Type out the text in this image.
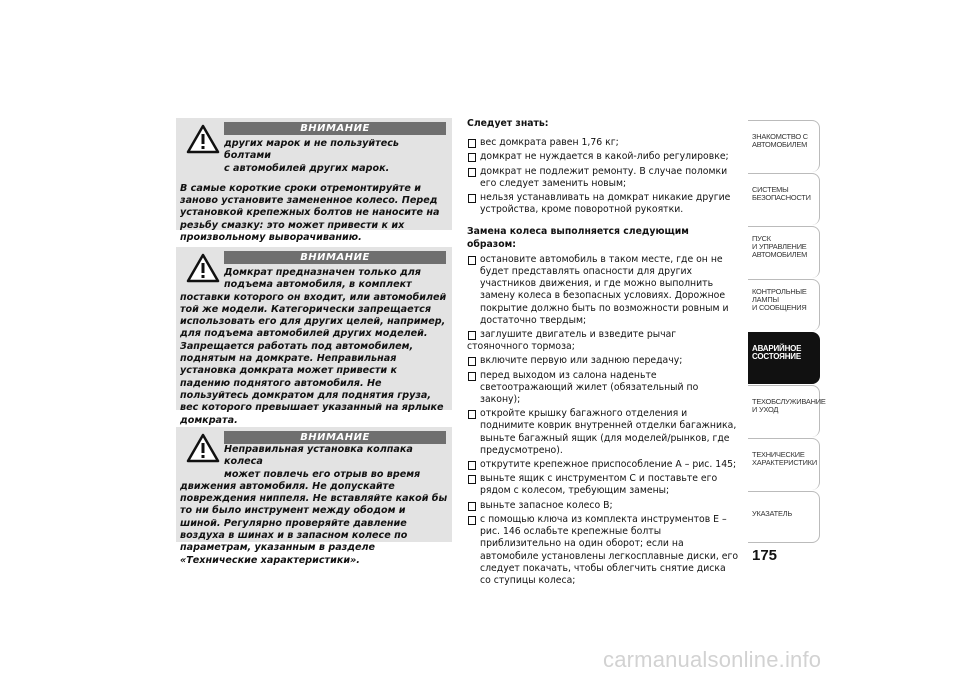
ВНИМАНИЕ
других марок и не пользуйтесь болтами
с автомобилей других марок.
В самые короткие сроки отремонтируйте и заново установите замененное колесо. Перед установкой крепежных болтов не наносите на резьбу смазку: это может привести к их произвольному выворачиванию.
ВНИМАНИЕ
Домкрат предназначен только для
подъема автомобиля, в комплект
поставки которого он входит, или автомобилей той же модели. Категорически запрещается использовать его для других целей, например, для подъема автомобилей других моделей. Запрещается работать под автомобилем, поднятым на домкрате. Неправильная установка домкрата может привести к падению поднятого автомобиля. Не пользуйтесь домкратом для поднятия груза, вес которого превышает указанный на ярлыке домкрата.
ВНИМАНИЕ
Неправильная установка колпака колеса
может повлечь его отрыв во время
движения автомобиля. Не допускайте повреждения ниппеля. Не вставляйте какой бы то ни было инструмент между ободом и шиной. Регулярно проверяйте давление воздуха в шинах и в запасном колесе по параметрам, указанным в разделе «Технические характеристики».
Следует знать:
вес домкрата равен 1,76 кг;
домкрат не нуждается в какой-либо регулировке;
домкрат не подлежит ремонту. В случае поломки его следует заменить новым;
нельзя устанавливать на домкрат никакие другие устройства, кроме поворотной рукоятки.
Замена колеса выполняется следующим образом:
остановите автомобиль в таком месте, где он не будет представлять опасности для других участников движения, и где можно выполнить замену колеса в безопасных условиях. Дорожное покрытие должно быть по возможности ровным и достаточно твердым;
заглушите двигатель и взведите рычаг стояночного тормоза;
включите первую или заднюю передачу;
перед выходом из салона наденьте светоотражающий жилет (обязательный по закону);
откройте крышку багажного отделения и поднимите коврик внутренней отделки багажника, выньте багажный ящик (для моделей/рынков, где предусмотрено).
открутите крепежное приспособление A – рис. 145;
выньте ящик с инструментом C и поставьте его рядом с колесом, требующим замены;
выньте запасное колесо B;
с помощью ключа из комплекта инструментов E – рис. 146 ослабьте крепежные болты приблизительно на один оборот; если на автомобиле установлены легкосплавные диски, его следует покачать, чтобы облегчить снятие диска со ступицы колеса;
ЗНАКОМСТВО С
АВТОМОБИЛЕМ
СИСТЕМЫ
БЕЗОПАСНОСТИ
ПУСК
И УПРАВЛЕНИЕ
АВТОМОБИЛЕМ
КОНТРОЛЬНЫЕ
ЛАМПЫ
И СООБЩЕНИЯ
АВАРИЙНОЕ
СОСТОЯНИЕ
ТЕХОБСЛУЖИВАНИЕ
И УХОД
ТЕХНИЧЕСКИЕ
ХАРАКТЕРИСТИКИ
УКАЗАТЕЛЬ
175
carmanualsonline.info
